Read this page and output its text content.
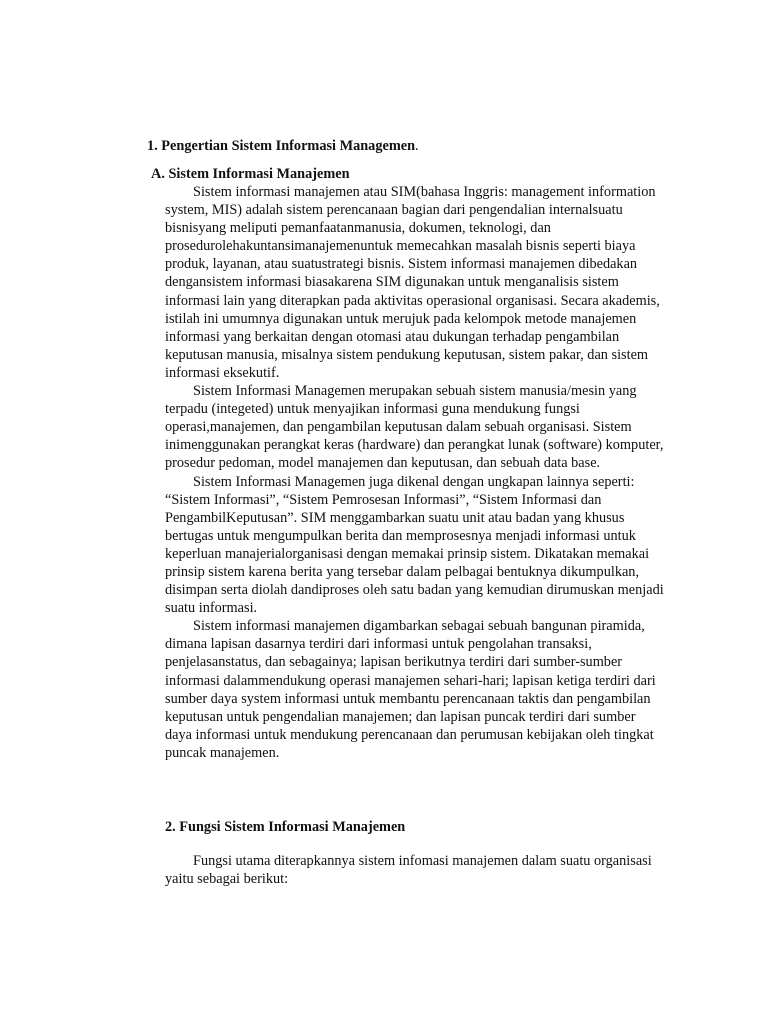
1. Pengertian Sistem Informasi Managemen.
A. Sistem Informasi Manajemen

Sistem informasi manajemen atau SIM(bahasa Inggris: management information system, MIS) adalah sistem perencanaan bagian dari pengendalian internalsuatu bisnisyang meliputi pemanfaatanmanusia, dokumen, teknologi, dan prosedurolehakuntansimanajemenuntuk memecahkan masalah bisnis seperti biaya produk, layanan, atau suatustrategi bisnis. Sistem informasi manajemen dibedakan dengansistem informasi biasakarena SIM digunakan untuk menganalisis sistem informasi lain yang diterapkan pada aktivitas operasional organisasi. Secara akademis, istilah ini umumnya digunakan untuk merujuk pada kelompok metode manajemen informasi yang berkaitan dengan otomasi atau dukungan terhadap pengambilan keputusan manusia, misalnya sistem pendukung keputusan, sistem pakar, dan sistem informasi eksekutif.

Sistem Informasi Managemen merupakan sebuah sistem manusia/mesin yang terpadu (integeted) untuk menyajikan informasi guna mendukung fungsi operasi,manajemen, dan pengambilan keputusan dalam sebuah organisasi. Sistem inimenggunakan perangkat keras (hardware) dan perangkat lunak (software) komputer, prosedur pedoman, model manajemen dan keputusan, dan sebuah data base.

Sistem Informasi Managemen juga dikenal dengan ungkapan lainnya seperti: “Sistem Informasi”, “Sistem Pemrosesan Informasi”, “Sistem Informasi dan PengambilKeputusan”. SIM menggambarkan suatu unit atau badan yang khusus bertugas untuk mengumpulkan berita dan memprosesnya menjadi informasi untuk keperluan manajerialorganisasi dengan memakai prinsip sistem. Dikatakan memakai prinsip sistem karena berita yang tersebar dalam pelbagai bentuknya dikumpulkan, disimpan serta diolah dandiproses oleh satu badan yang kemudian dirumuskan menjadi suatu informasi.

Sistem informasi manajemen digambarkan sebagai sebuah bangunan piramida, dimana lapisan dasarnya terdiri dari informasi untuk pengolahan transaksi, penjelasanstatus, dan sebagainya; lapisan berikutnya terdiri dari sumber-sumber informasi dalammendukung operasi manajemen sehari-hari; lapisan ketiga terdiri dari sumber daya system informasi untuk membantu perencanaan taktis dan pengambilan keputusan untuk pengendalian manajemen; dan lapisan puncak terdiri dari sumber daya informasi untuk mendukung perencanaan dan perumusan kebijakan oleh tingkat puncak manajemen.

2. Fungsi Sistem Informasi Manajemen

Fungsi utama diterapkannya sistem infomasi manajemen dalam suatu organisasi yaitu sebagai berikut:
